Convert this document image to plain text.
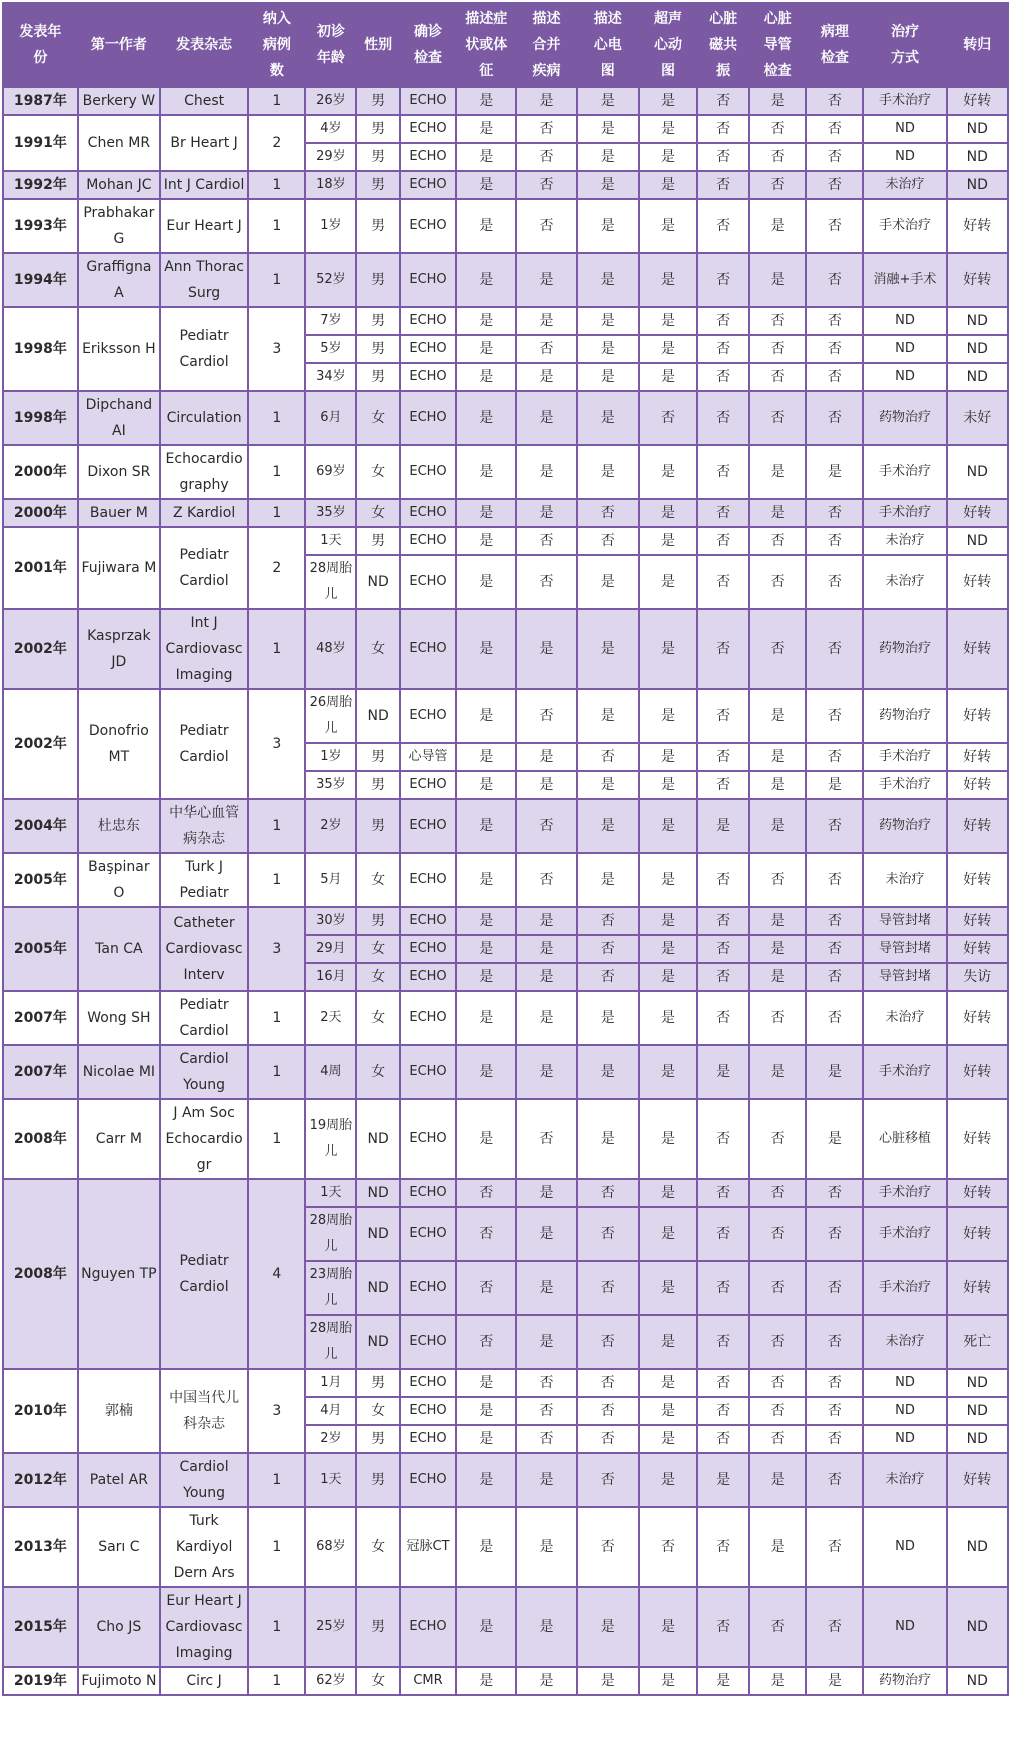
发表年份	第一作者	发表杂志	纳入病例数	初诊年龄	性别	确诊检查	描述症状或体征	描述合并疾病	描述心电图	超声心动图	心脏磁共振	心脏导管检查	病理检查	治疗方式	转归
1987年	Berkery W	Chest	1	26岁	男	ECHO	是	是	是	是	否	是	否	手术治疗	好转
1991年	Chen MR	Br Heart J	2	4岁	男	ECHO	是	否	是	是	否	否	否	ND	ND
				29岁	男	ECHO	是	否	是	是	否	否	否	ND	ND
1992年	Mohan JC	Int J Cardiol	1	18岁	男	ECHO	是	否	是	是	否	否	否	未治疗	ND
1993年	Prabhakar G	Eur Heart J	1	1岁	男	ECHO	是	否	是	是	否	是	否	手术治疗	好转
1994年	Graffigna A	Ann Thorac Surg	1	52岁	男	ECHO	是	是	是	是	否	是	否	消融+手术	好转
1998年	Eriksson H	Pediatr Cardiol	3	7岁	男	ECHO	是	是	是	是	否	否	否	ND	ND
				5岁	男	ECHO	是	否	是	是	否	否	否	ND	ND
				34岁	男	ECHO	是	是	是	是	否	否	否	ND	ND
1998年	Dipchand AI	Circulation	1	6月	女	ECHO	是	是	是	否	否	否	否	药物治疗	未好
2000年	Dixon SR	Echocardiography	1	69岁	女	ECHO	是	是	是	是	否	是	是	手术治疗	ND
2000年	Bauer M	Z Kardiol	1	35岁	女	ECHO	是	是	否	是	否	是	否	手术治疗	好转
2001年	Fujiwara M	Pediatr Cardiol	2	1天	男	ECHO	是	否	否	是	否	否	否	未治疗	ND
				28周胎儿	ND	ECHO	是	否	是	是	否	否	否	未治疗	好转
2002年	Kasprzak JD	Int J Cardiovasc Imaging	1	48岁	女	ECHO	是	是	是	是	否	否	否	药物治疗	好转
2002年	Donofrio MT	Pediatr Cardiol	3	26周胎儿	ND	ECHO	是	否	是	是	否	是	否	药物治疗	好转
				1岁	男	心导管	是	是	否	是	否	是	否	手术治疗	好转
				35岁	男	ECHO	是	是	是	是	否	是	是	手术治疗	好转
2004年	杜忠东	中华心血管病杂志	1	2岁	男	ECHO	是	否	是	是	是	是	否	药物治疗	好转
2005年	Başpinar O	Turk J Pediatr	1	5月	女	ECHO	是	否	是	是	否	否	否	未治疗	好转
2005年	Tan CA	Catheter Cardiovasc Interv	3	30岁	男	ECHO	是	是	否	是	否	是	否	导管封堵	好转
				29月	女	ECHO	是	是	否	是	否	是	否	导管封堵	好转
				16月	女	ECHO	是	是	否	是	否	是	否	导管封堵	失访
2007年	Wong SH	Pediatr Cardiol	1	2天	女	ECHO	是	是	是	是	否	否	否	未治疗	好转
2007年	Nicolae MI	Cardiol Young	1	4周	女	ECHO	是	是	是	是	是	是	是	手术治疗	好转
2008年	Carr M	J Am Soc Echocardiogr	1	19周胎儿	ND	ECHO	是	否	是	是	否	否	是	心脏移植	好转
2008年	Nguyen TP	Pediatr Cardiol	4	1天	ND	ECHO	否	是	否	是	否	否	否	手术治疗	好转
				28周胎儿	ND	ECHO	否	是	否	是	否	否	否	手术治疗	好转
				23周胎儿	ND	ECHO	否	是	否	是	否	否	否	手术治疗	好转
				28周胎儿	ND	ECHO	否	是	否	是	否	否	否	未治疗	死亡
2010年	郭楠	中国当代儿科杂志	3	1月	男	ECHO	是	否	否	是	否	否	否	ND	ND
				4月	女	ECHO	是	否	否	是	否	否	否	ND	ND
				2岁	男	ECHO	是	否	否	是	否	否	否	ND	ND
2012年	Patel AR	Cardiol Young	1	1天	男	ECHO	是	是	否	是	是	是	否	未治疗	好转
2013年	Sarı C	Turk Kardiyol Dern Ars	1	68岁	女	冠脉CT	是	是	否	否	否	是	否	ND	ND
2015年	Cho JS	Eur Heart J Cardiovasc Imaging	1	25岁	男	ECHO	是	是	是	是	否	否	否	ND	ND
2019年	Fujimoto N	Circ J	1	62岁	女	CMR	是	是	是	是	是	是	是	药物治疗	ND
